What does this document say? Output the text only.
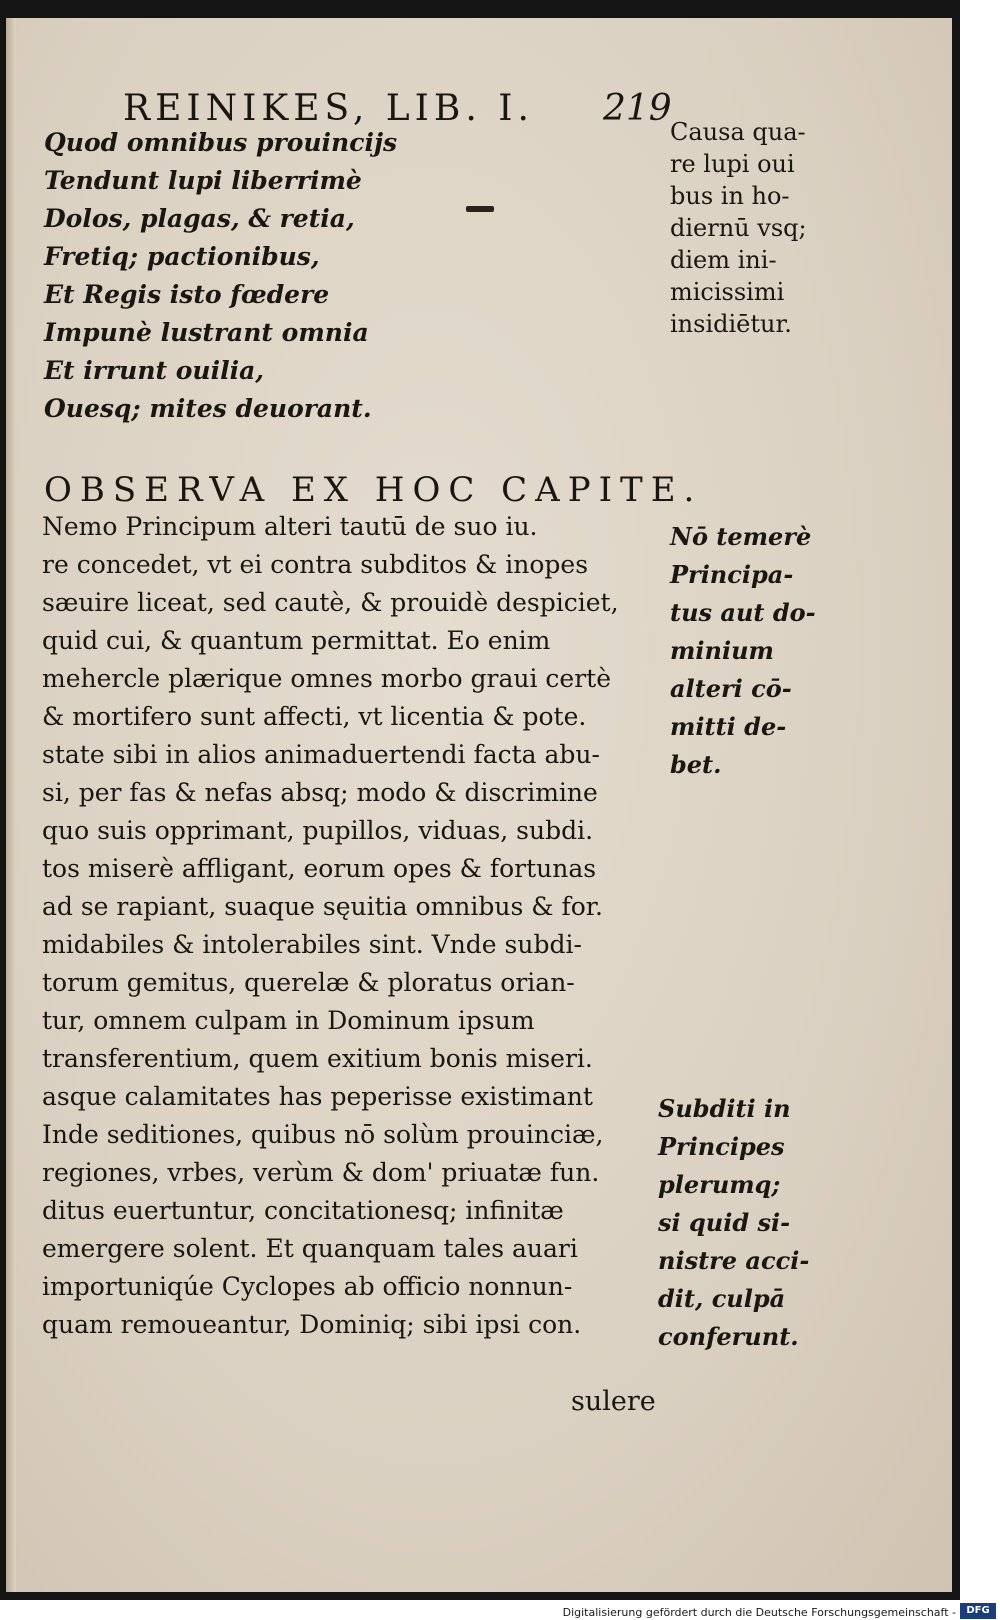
REINIKES, LIB. I. 219
Quod omnibus prouincijs
Tendunt lupi liberrimè
Dolos, plagas, & retia,
Fretiq; pactionibus,
Et Regis isto fœdere
Impunè lustrant omnia
Et irrunt ouilia,
Ouesq; mites deuorant.
Causa qua-
re lupi oui
bus in ho-
diernū vsq;
diem ini-
micissimi
insidiētur.
OBSERVA EX HOC CAPITE.
Nemo Principum alteri tautū de suo iu.
re concedet, vt ei contra subditos & inopes
sæuire liceat, sed cautè, & prouidè despiciet,
quid cui, & quantum permittat. Eo enim
mehercle plærique omnes morbo graui certè
& mortifero sunt affecti, vt licentia & pote.
state sibi in alios animaduertendi facta abu-
si, per fas & nefas absq; modo & discrimine
quo suis opprimant, pupillos, viduas, subdi.
tos miserè affligant, eorum opes & fortunas
ad se rapiant, suaque sęuitia omnibus & for.
midabiles & intolerabiles sint. Vnde subdi-
torum gemitus, querelæ & ploratus orian-
tur, omnem culpam in Dominum ipsum
transferentium, quem exitium bonis miseri.
asque calamitates has peperisse existimant
Inde seditiones, quibus nō solùm prouinciæ,
regiones, vrbes, verùm & dom' priuatæ fun.
ditus euertuntur, concitationesq; infinitæ
emergere solent. Et quanquam tales auari
importuniqúe Cyclopes ab officio nonnun-
quam remoueantur, Dominiq; sibi ipsi con.
sulere
Nō temerè
Principa-
tus aut do-
minium
alteri cō-
mitti de-
bet.
Subditi in
Principes
plerumq;
si quid si-
nistre acci-
dit, culpā
conferunt.
Digitalisierung gefördert durch die Deutsche Forschungsgemeinschaft -	DFG
